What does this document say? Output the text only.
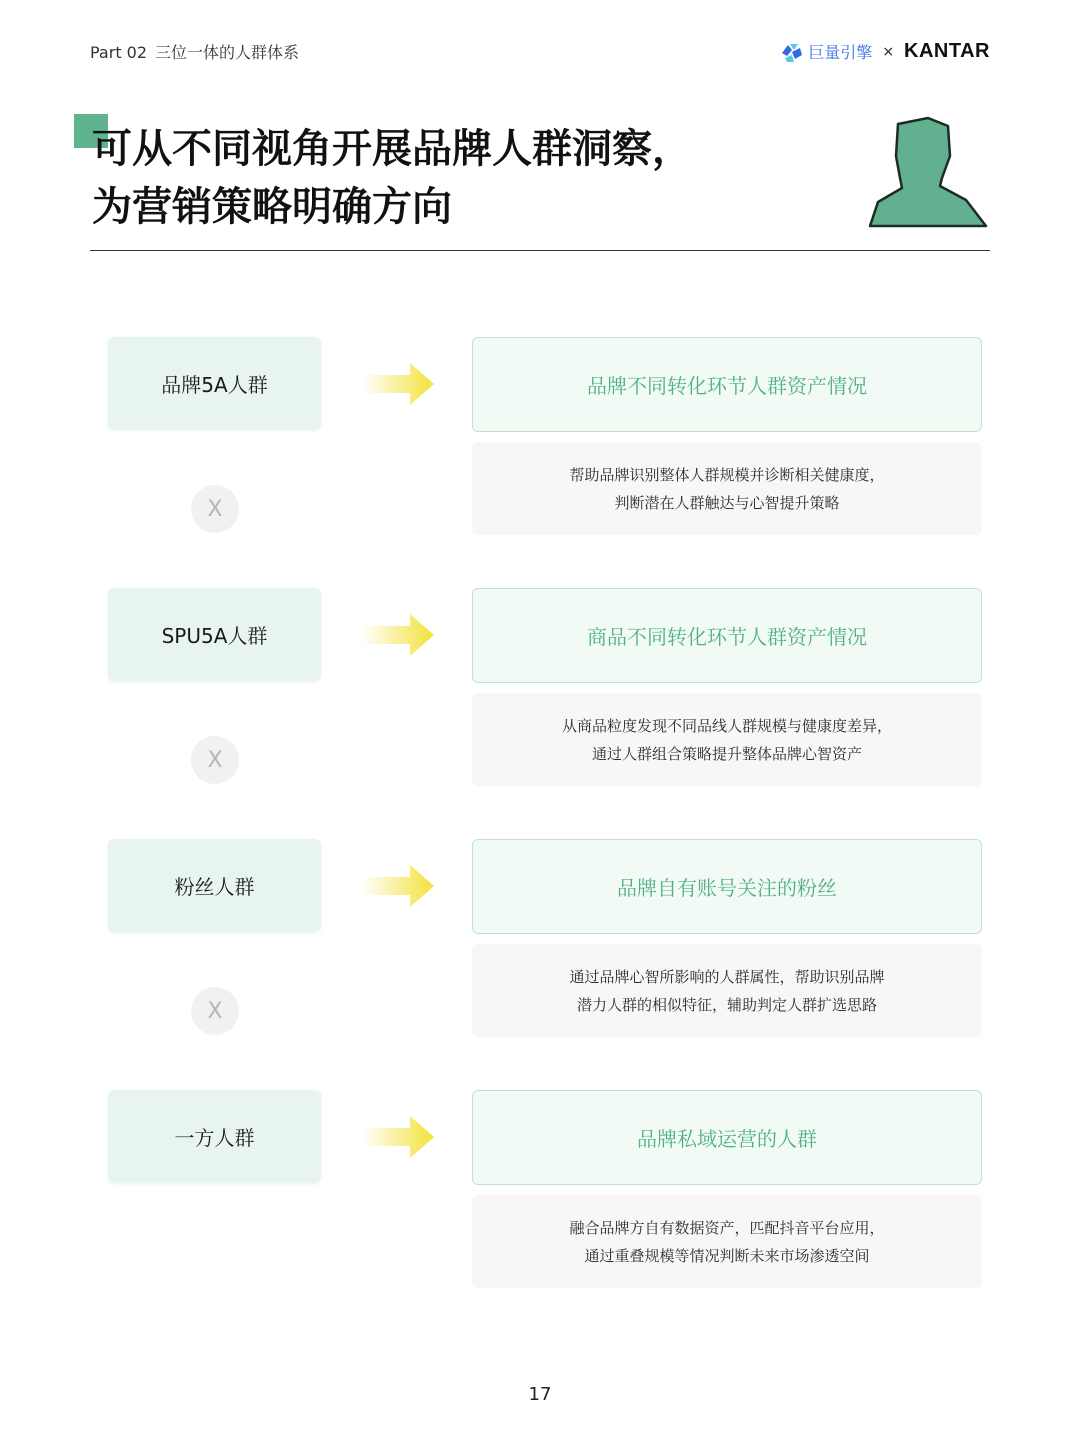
Part 02 三位一体的人群体系	巨量引擎 × KANTAR
可从不同视角开展品牌人群洞察，
为营销策略明确方向
品牌5A人群	品牌不同转化环节人群资产情况
帮助品牌识别整体人群规模并诊断相关健康度，
判断潜在人群触达与心智提升策略
X
SPU5A人群	商品不同转化环节人群资产情况
从商品粒度发现不同品线人群规模与健康度差异，
通过人群组合策略提升整体品牌心智资产
X
粉丝人群	品牌自有账号关注的粉丝
通过品牌心智所影响的人群属性，帮助识别品牌
潜力人群的相似特征，辅助判定人群扩选思路
X
一方人群	品牌私域运营的人群
融合品牌方自有数据资产，匹配抖音平台应用，
通过重叠规模等情况判断未来市场渗透空间
17
